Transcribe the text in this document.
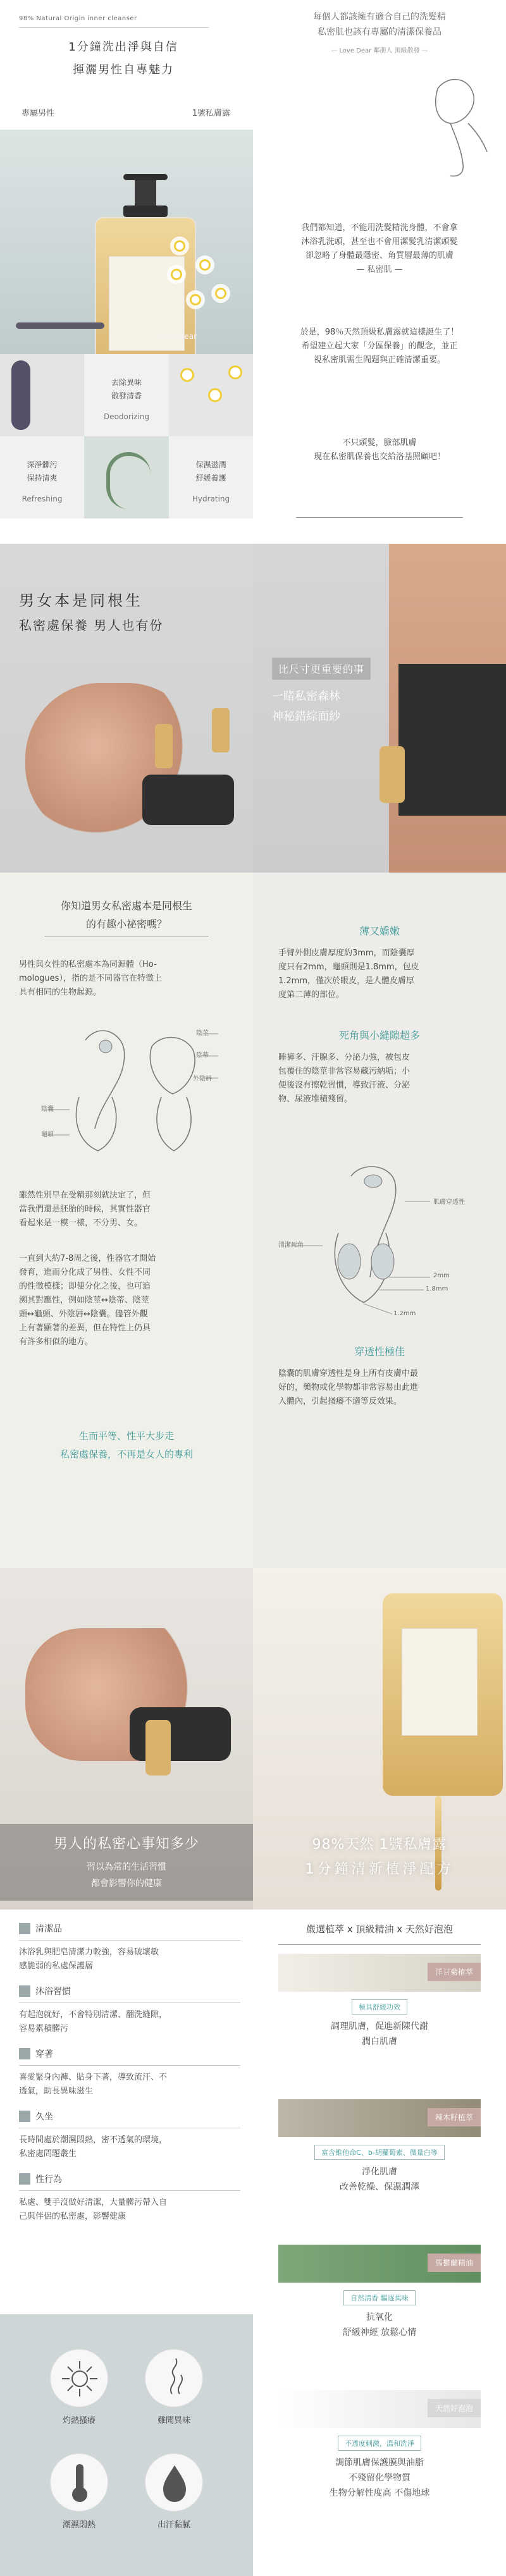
98% Natural Origin inner cleanser
1分鐘洗出淨與自信
揮灑男性自專魅力
專屬男性	1號私膚露
Love Dear
每個人都該擁有適合自己的洗髮精
私密肌也該有專屬的清潔保養品
— Love Dear 鄰朋人 頂級散發 —
我們都知道，不能用洗髮精洗身體，不會拿
沐浴乳洗頭，甚至也不會用潔髮乳清潔頭髮
卻忽略了身體最隱密、角質層最薄的肌膚
— 私密肌 —
於是，98％天然頂級私膚露就這樣誕生了！
希望建立起大家「分區保養」的觀念，並正
視私密肌需生間題與正確清潔重要。
不只頭髮，臉部肌膚
現在私密肌保養也交給洛基照顧吧！
去除異味
散發清香
Deodorizing
深淨髒污
保持清爽
Refreshing
保濕滋潤
舒緩養護
Hydrating
男女本是同根生
私密處保養 男人也有份
比尺寸更重要的事
一睹私密森林
神秘錯綜面紗
你知道男女私密處本是同根生
的有趣小祕密嗎？
男性與女性的私密處本為同源體（Ho-
mologues），指的是不同器官在特徵上
具有相同的生物起源。
陰莖
陰蒂
外陰唇
陰囊
龜頭
雖然性別早在受精那刻就決定了，但
當我們還是胚胎的時候，其實性器官
看起來是一模一樣，不分男、女。
一直到大約7-8周之後，性器官才開始
發育，進而分化成了男性、女性不同
的性徵模樣；即便分化之後，也可追
溯其對應性，例如陰莖↔陰蒂、陰莖
頭↔龜頭、外陰唇↔陰囊。儘管外觀
上有著顯著的差異，但在特性上仍具
有許多相似的地方。
生而平等、性平大步走
私密處保養，不再是女人的專利
薄又嬌嫩
手臂外側皮膚厚度約3mm，而陰囊厚
度只有2mm，龜頭則是1.8mm，包皮
1.2mm，僅次於眼皮，是人體皮膚厚
度第二薄的部位。
死角與小縫隙超多
睡褲多、汗腺多、分泌力強，被包皮
包覆住的陰莖非常容易藏污納垢；小
便後沒有擦乾習慣，導致汗液、分泌
物、尿液堆積殘留。
肌膚穿透性
清潔死角
2mm
1.8mm
1.2mm
穿透性極佳
陰囊的肌膚穿透性是身上所有皮膚中最
好的，藥物或化學物都非常容易由此進
入體內，引起搔癢不適等反效果。
男人的私密心事知多少
習以為常的生活習慣
都會影響你的健康
98%天然 1號私膚露
1分鐘清新植淨配方
清潔品
沐浴乳與肥皂清潔力較強，容易破壞敏
感脆弱的私處保護層
沐浴習慣
有起泡就好，不會特別清潔、翻洗縫隙，
容易累積髒污
穿著
喜愛緊身內褲、貼身下著，導致流汗、不
透氣，助長異味滋生
久坐
長時間處於潮濕悶熱，密不透氣的環境，
私密處問題叢生
性行為
私處、雙手沒做好清潔，大量髒污帶入自
己與伴侶的私密處，影響健康
灼熱搔癢	難聞異味
潮濕悶熱	出汗黏膩
嚴選植萃 x 頂級精油 x 天然好泡泡
洋甘菊植萃
極具舒緩功效
調理肌膚，促進新陳代謝
潤白肌膚
辣木籽植萃
富含維他命C、b-胡蘿蔔素、微量白等
淨化肌膚
改善乾燥、保濕潤澤
馬鬱蘭精油
自然清香 驅逐異味
抗氧化
舒緩神經 放鬆心情
天然好泡泡
不透度刺激，溫和洗淨
調節肌膚保護膜與油脂
不殘留化學物質
生物分解性度高 不傷地球
